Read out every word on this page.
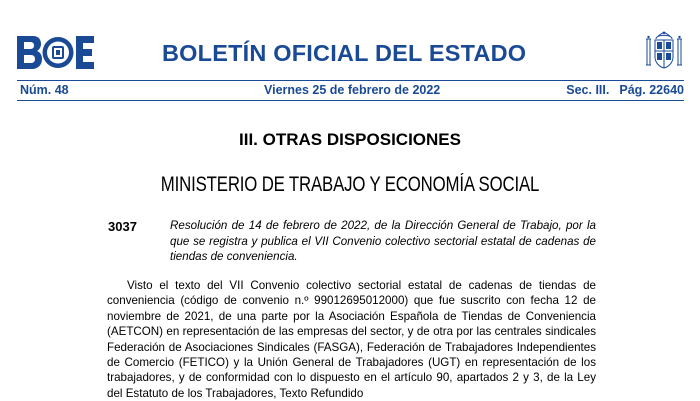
BOLETÍN OFICIAL DEL ESTADO
Núm. 48	Viernes 25 de febrero de 2022	Sec. III. Pág. 22640
III. OTRAS DISPOSICIONES
MINISTERIO DE TRABAJO Y ECONOMÍA SOCIAL
3037	Resolución de 14 de febrero de 2022, de la Dirección General de Trabajo, por la que se registra y publica el VII Convenio colectivo sectorial estatal de cadenas de tiendas de conveniencia.

Visto el texto del VII Convenio colectivo sectorial estatal de cadenas de tiendas de conveniencia (código de convenio n.º 99012695012000) que fue suscrito con fecha 12 de noviembre de 2021, de una parte por la Asociación Española de Tiendas de Conveniencia (AETCON) en representación de las empresas del sector, y de otra por las centrales sindicales Federación de Asociaciones Sindicales (FASGA), Federación de Trabajadores Independientes de Comercio (FETICO) y la Unión General de Trabajadores (UGT) en representación de los trabajadores, y de conformidad con lo dispuesto en el artículo 90, apartados 2 y 3, de la Ley del Estatuto de los Trabajadores, Texto Refundido
